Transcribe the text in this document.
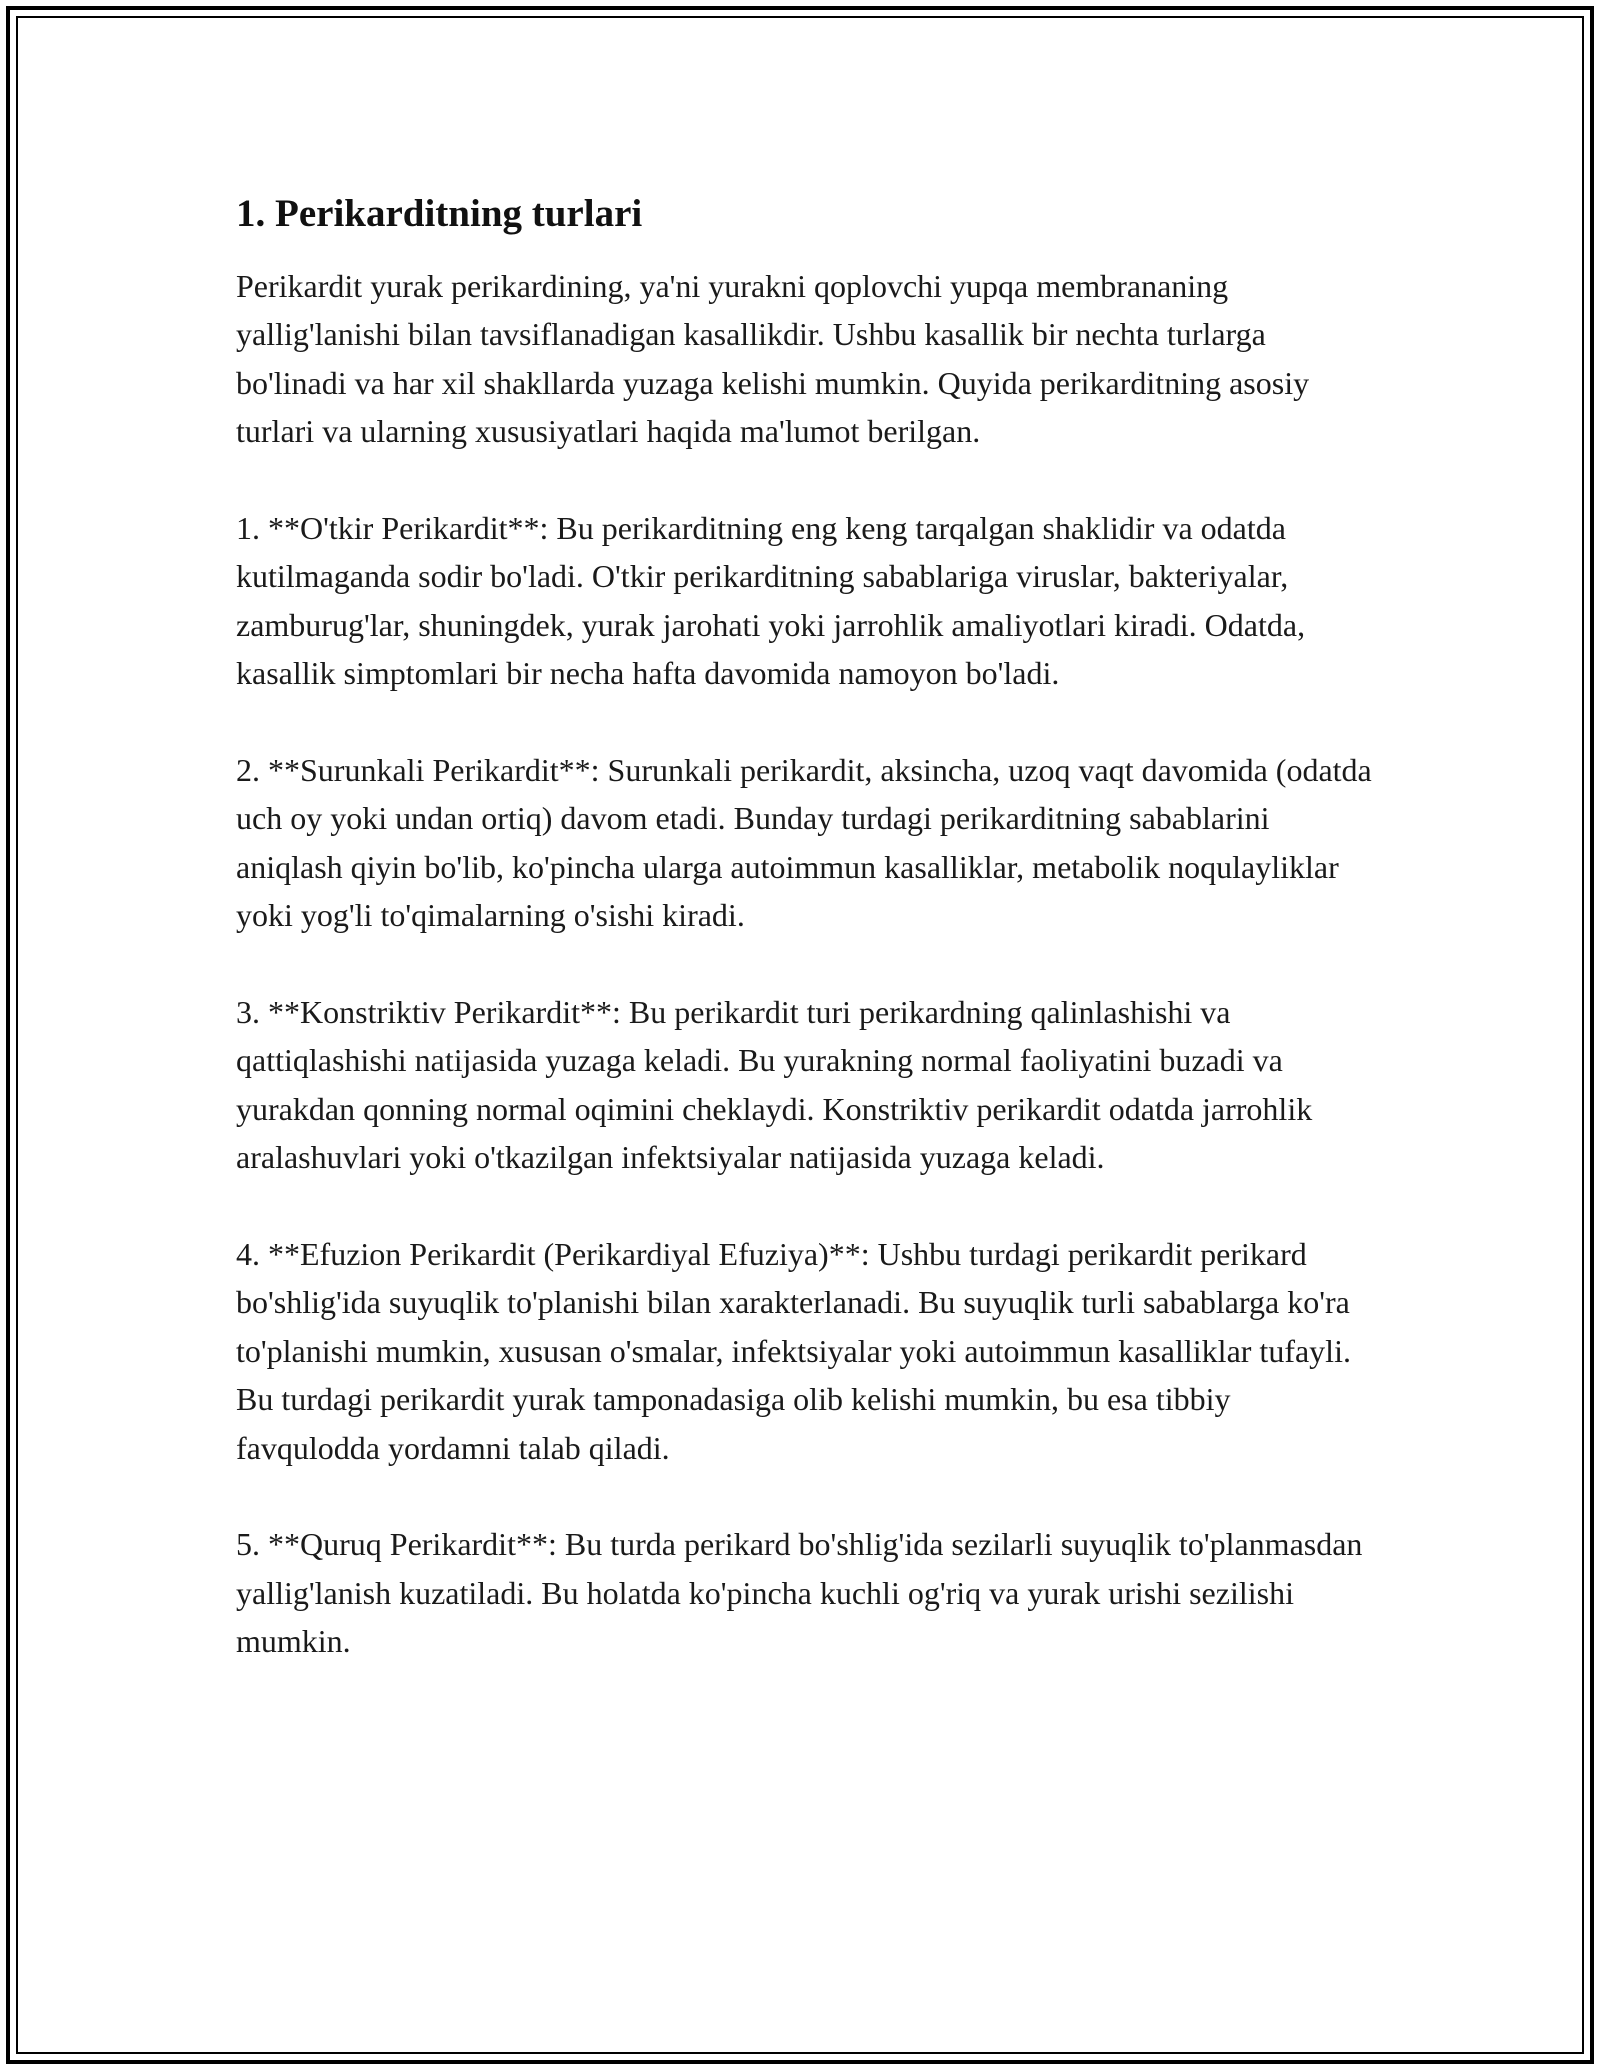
1. Perikarditning turlari

Perikardit yurak perikardining, ya'ni yurakni qoplovchi yupqa membrananing yallig'lanishi bilan tavsiflanadigan kasallikdir. Ushbu kasallik bir nechta turlarga bo'linadi va har xil shakllarda yuzaga kelishi mumkin. Quyida perikarditning asosiy turlari va ularning xususiyatlari haqida ma'lumot berilgan.

1. **O'tkir Perikardit**: Bu perikarditning eng keng tarqalgan shaklidir va odatda kutilmaganda sodir bo'ladi. O'tkir perikarditning sabablariga viruslar, bakteriyalar, zamburug'lar, shuningdek, yurak jarohati yoki jarrohlik amaliyotlari kiradi. Odatda, kasallik simptomlari bir necha hafta davomida namoyon bo'ladi.

2. **Surunkali Perikardit**: Surunkali perikardit, aksincha, uzoq vaqt davomida (odatda uch oy yoki undan ortiq) davom etadi. Bunday turdagi perikarditning sabablarini aniqlash qiyin bo'lib, ko'pincha ularga autoimmun kasalliklar, metabolik noqulayliklar yoki yog'li to'qimalarning o'sishi kiradi.

3. **Konstriktiv Perikardit**: Bu perikardit turi perikardning qalinlashishi va qattiqlashishi natijasida yuzaga keladi. Bu yurakning normal faoliyatini buzadi va yurakdan qonning normal oqimini cheklaydi. Konstriktiv perikardit odatda jarrohlik aralashuvlari yoki o'tkazilgan infektsiyalar natijasida yuzaga keladi.

4. **Efuzion Perikardit (Perikardiyal Efuziya)**: Ushbu turdagi perikardit perikard bo'shlig'ida suyuqlik to'planishi bilan xarakterlanadi. Bu suyuqlik turli sabablarga ko'ra to'planishi mumkin, xususan o'smalar, infektsiyalar yoki autoimmun kasalliklar tufayli. Bu turdagi perikardit yurak tamponadasiga olib kelishi mumkin, bu esa tibbiy favqulodda yordamni talab qiladi.

5. **Quruq Perikardit**: Bu turda perikard bo'shlig'ida sezilarli suyuqlik to'planmasdan yallig'lanish kuzatiladi. Bu holatda ko'pincha kuchli og'riq va yurak urishi sezilishi mumkin.
